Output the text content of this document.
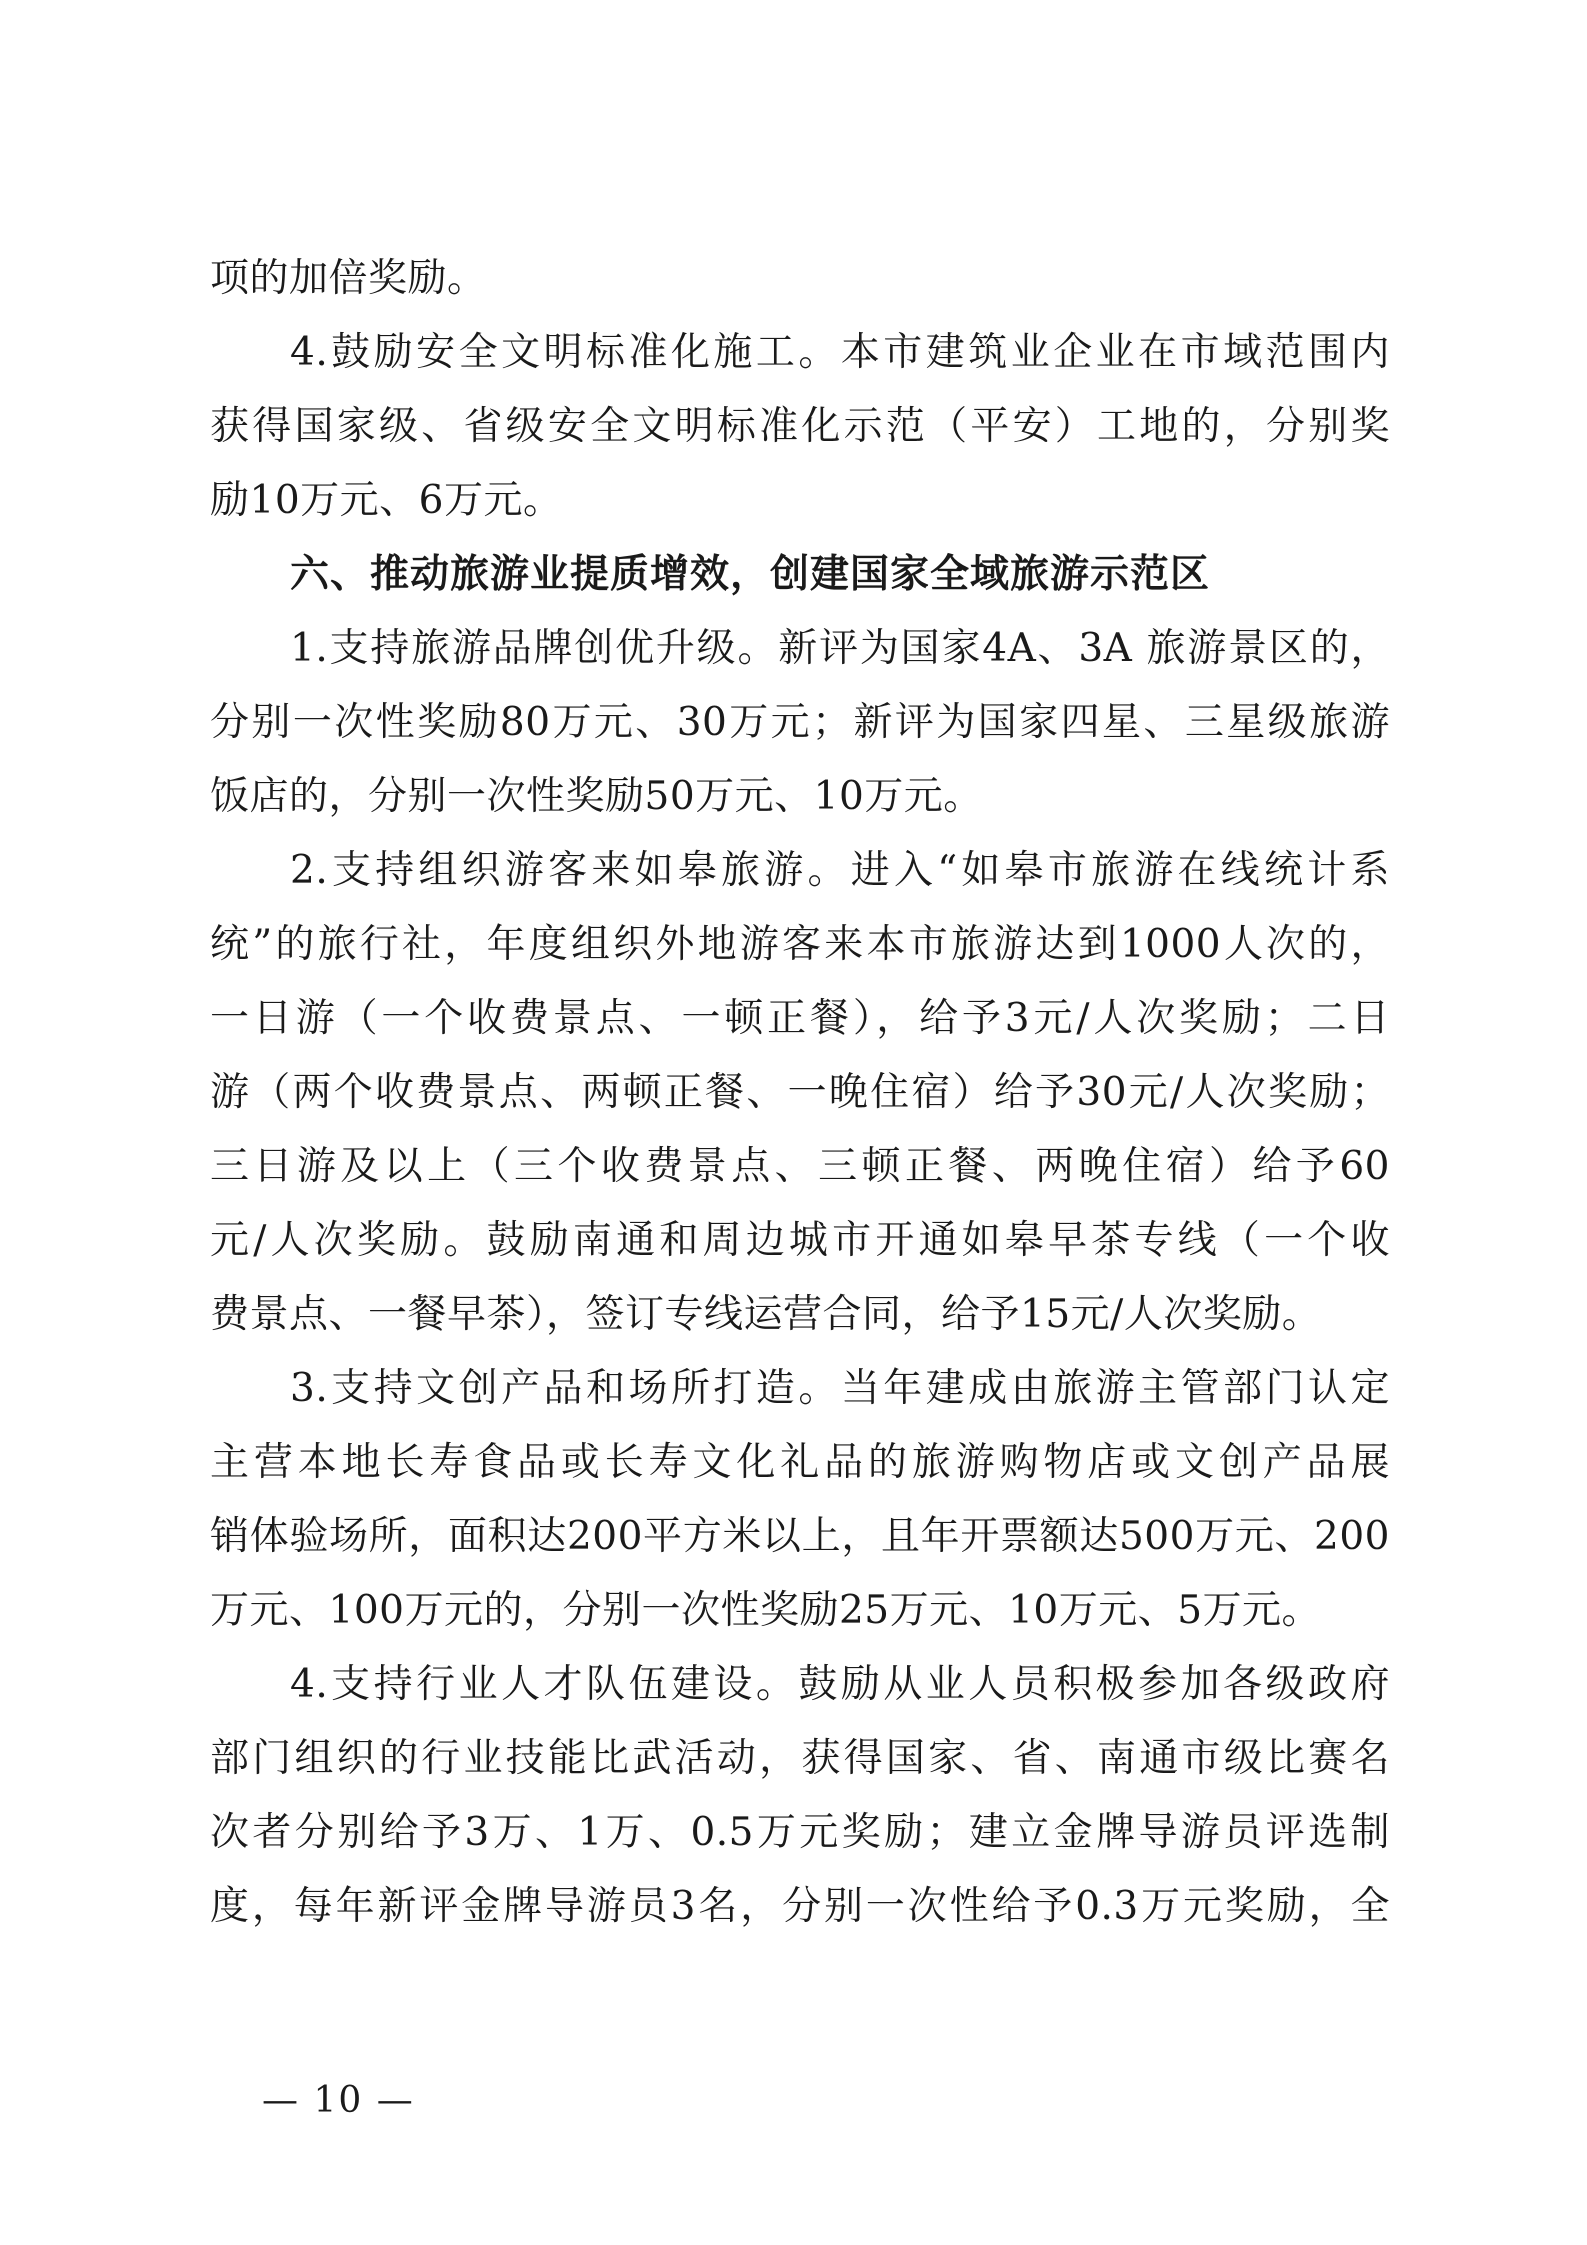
项的加倍奖励。
4.鼓励安全文明标准化施工。本市建筑业企业在市域范围内
获得国家级、省级安全文明标准化示范（平安）工地的，分别奖
励10万元、6万元。
六、推动旅游业提质增效，创建国家全域旅游示范区
1.支持旅游品牌创优升级。新评为国家4A、3A 旅游景区的，
分别一次性奖励80万元、30万元；新评为国家四星、三星级旅游
饭店的，分别一次性奖励50万元、10万元。
2.支持组织游客来如皋旅游。进入“如皋市旅游在线统计系
统”的旅行社，年度组织外地游客来本市旅游达到1000人次的，
一日游（一个收费景点、一顿正餐），给予3元/人次奖励；二日
游（两个收费景点、两顿正餐、一晚住宿）给予30元/人次奖励；
三日游及以上（三个收费景点、三顿正餐、两晚住宿）给予60
元/人次奖励。鼓励南通和周边城市开通如皋早茶专线（一个收
费景点、一餐早茶），签订专线运营合同，给予15元/人次奖励。
3.支持文创产品和场所打造。当年建成由旅游主管部门认定
主营本地长寿食品或长寿文化礼品的旅游购物店或文创产品展
销体验场所，面积达200平方米以上，且年开票额达500万元、200
万元、100万元的，分别一次性奖励25万元、10万元、5万元。
4.支持行业人才队伍建设。鼓励从业人员积极参加各级政府
部门组织的行业技能比武活动，获得国家、省、南通市级比赛名
次者分别给予3万、1万、0.5万元奖励；建立金牌导游员评选制
度，每年新评金牌导游员3名，分别一次性给予0.3万元奖励，全
— 10 —
